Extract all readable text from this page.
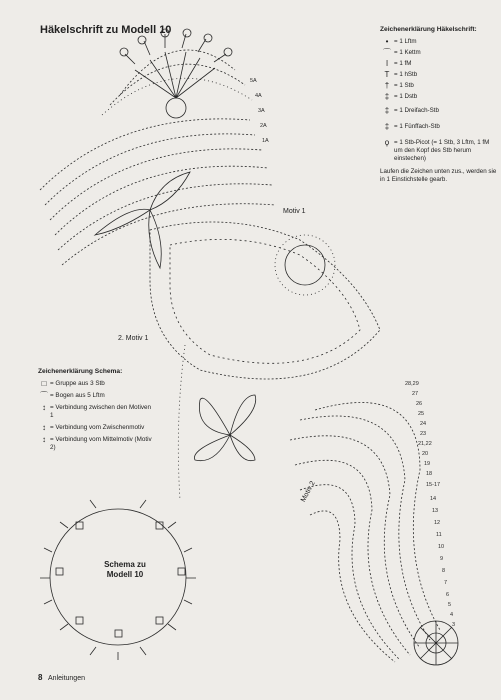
Häkelschrift zu Modell 10
5A
4A
3A
2A
1A
28,29
27
26
25
24
23
21,22
20
19
18
15-17
14
13
12
11
10
9
8
7
6
5
4
3
Motiv 1
2. Motiv 1
Motiv 2
Zeichenerklärung Häkelschrift:
• = 1 Lftm
⌒ = 1 Kettm
ǀ = 1 fM
T = 1 hStb
† = 1 Stb
‡ = 1 Dstb
‡ = 1 Dreifach-Stb
‡ = 1 Fünffach-Stb
ϙ = 1 Stb-Picot (= 1 Stb, 3 Lftm, 1 fM um den Kopf des Stb herum einstechen)
Laufen die Zeichen unten zus., werden sie in 1 Einstichstelle gearb.
Zeichenerklärung Schema:
□ = Gruppe aus 3 Stb
⌒ = Bogen aus 5 Lftm
↕ = Verbindung zwischen den Motiven 1
↕ = Verbindung vom Zwischenmotiv
↕ = Verbindung vom Mittelmotiv (Motiv 2)
Schema zu Modell 10
8 Anleitungen
